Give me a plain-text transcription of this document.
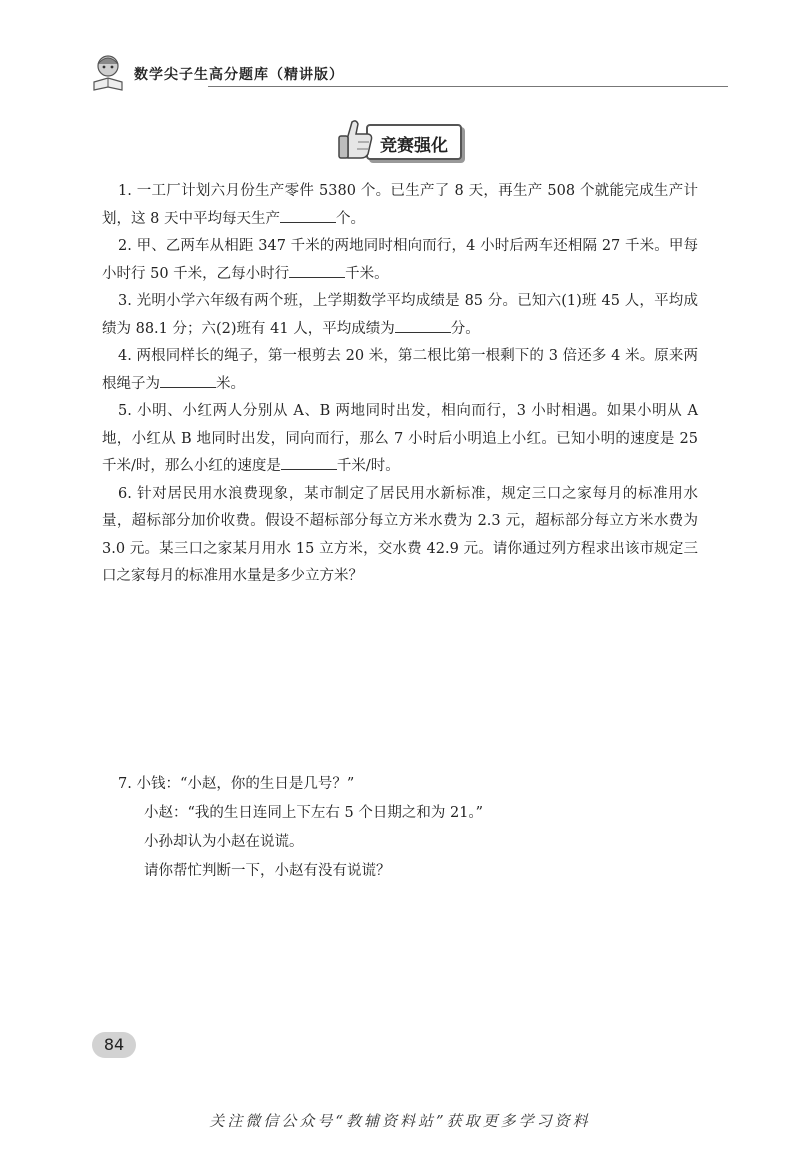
数学尖子生高分题库（精讲版）
竞赛强化

1. 一工厂计划六月份生产零件 5380 个。已生产了 8 天，再生产 508 个就能完成生产计划，这 8 天中平均每天生产	个。

2. 甲、乙两车从相距 347 千米的两地同时相向而行，4 小时后两车还相隔 27 千米。甲每小时行 50 千米，乙每小时行	千米。

3. 光明小学六年级有两个班，上学期数学平均成绩是 85 分。已知六(1)班 45 人，平均成绩为 88.1 分；六(2)班有 41 人，平均成绩为	分。

4. 两根同样长的绳子，第一根剪去 20 米，第二根比第一根剩下的 3 倍还多 4 米。原来两根绳子为	米。

5. 小明、小红两人分别从 A、B 两地同时出发，相向而行，3 小时相遇。如果小明从 A 地，小红从 B 地同时出发，同向而行，那么 7 小时后小明追上小红。已知小明的速度是 25 千米/时，那么小红的速度是	千米/时。

6. 针对居民用水浪费现象，某市制定了居民用水新标准，规定三口之家每月的标准用水量，超标部分加价收费。假设不超标部分每立方米水费为 2.3 元，超标部分每立方米水费为 3.0 元。某三口之家某月用水 15 立方米，交水费 42.9 元。请你通过列方程求出该市规定三口之家每月的标准用水量是多少立方米？

7. 小钱：“小赵，你的生日是几号？”

小赵：“我的生日连同上下左右 5 个日期之和为 21。”

小孙却认为小赵在说谎。

请你帮忙判断一下，小赵有没有说谎？

84
关注微信公众号“教辅资料站”获取更多学习资料
